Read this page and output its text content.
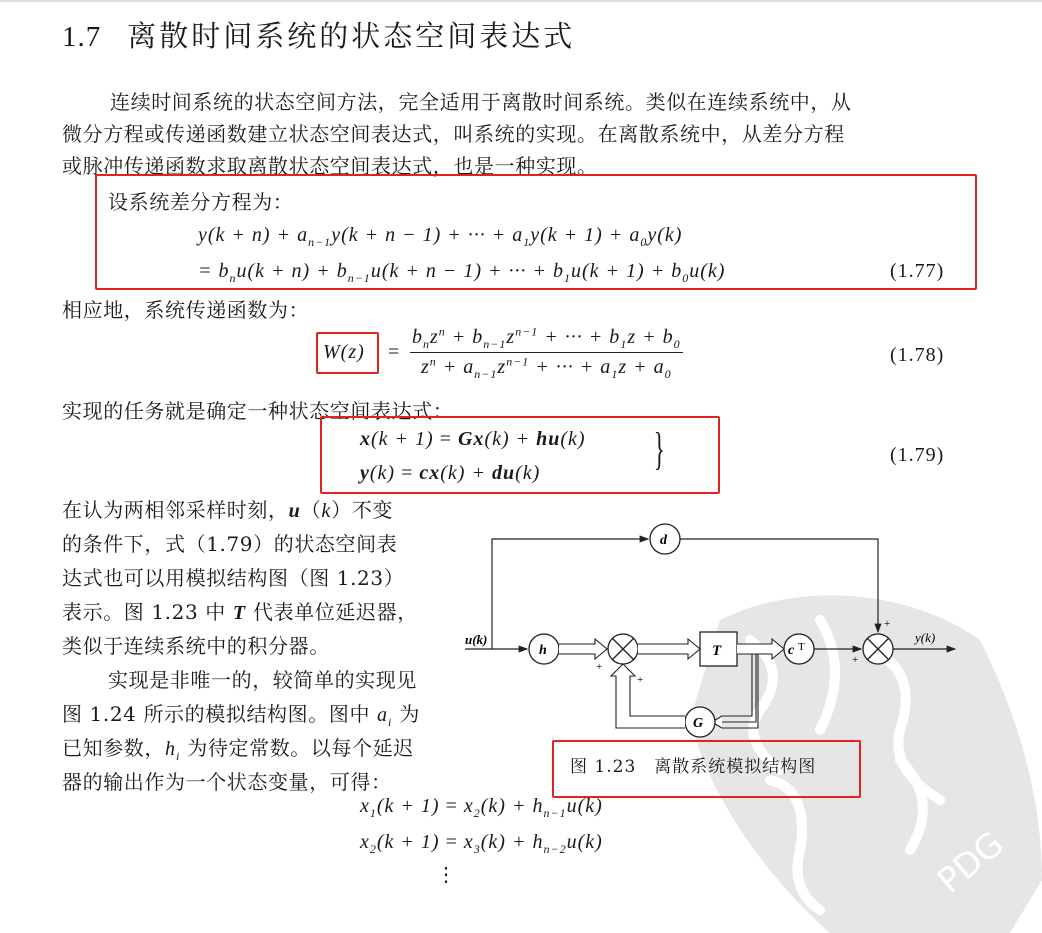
PDG
1.7 离散时间系统的状态空间表达式
连续时间系统的状态空间方法，完全适用于离散时间系统。类似在连续系统中，从
微分方程或传递函数建立状态空间表达式，叫系统的实现。在离散系统中，从差分方程
或脉冲传递函数求取离散状态空间表达式，也是一种实现。
设系统差分方程为：
$y(k + n) + a_{n-1}y(k + n - 1)$ + ··· + $a_1y(k + 1) + a_0y(k)$
= $b_nu(k + n) + b_{n-1}u(k + n - 1)$ + ··· + $b_1u(k + 1) + b_0u(k)$	(1.77)
相应地，系统传递函数为：
$W(z) = \frac{b_nz^n + b_{n-1}z^{n-1} + \cdot\cdot\cdot + b_1z + b_0}{z^n + a_{n-1}z^{n-1} + \cdot\cdot\cdot + a_1z + a_0}$	(1.78)
实现的任务就是确定一种状态空间表达式：
x(k + 1) = Gx(k) + hu(k)
y(k) = cx(k) + du(k) }	(1.79)
在认为两相邻采样时刻，u（k）不变
的条件下，式（1.79）的状态空间表
达式也可以用模拟结构图（图 1.23）
表示。图 1.23 中 T 代表单位延迟器，
类似于连续系统中的积分器。
实现是非唯一的，较简单的实现见
图 1.24 所示的模拟结构图。图中 $a_i$ 为
已知参数，$h_i$ 为待定常数。以每个延迟
器的输出作为一个状态变量，可得：
u(k)
d
h
+
T	c T
G
+
+
+
y(k)
图 1.23　离散系统模拟结构图
$x_1(k + 1) = x_2(k) + h_{n-1}u(k)$
$x_2(k + 1) = x_3(k) + h_{n-2}u(k)$
⋮
